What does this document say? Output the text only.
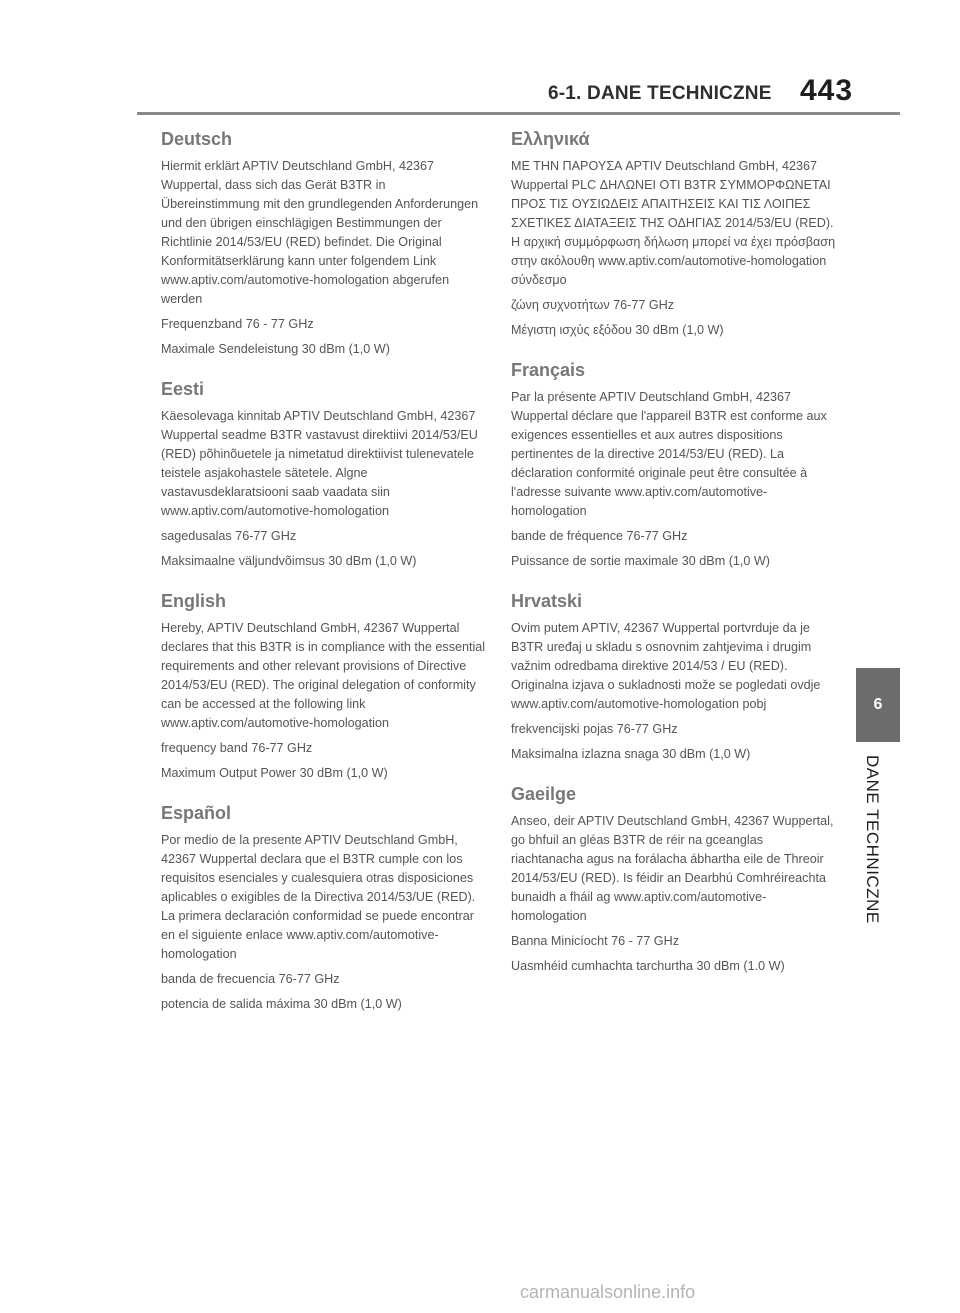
6-1. DANE TECHNICZNE 443
Deutsch

Hiermit erklärt APTIV Deutschland GmbH, 42367 Wuppertal, dass sich das Gerät B3TR in Übereinstimmung mit den grundlegenden Anforderungen und den übrigen einschlägigen Bestimmungen der Richtlinie 2014/53/EU (RED) befindet. Die Original Konformitätserklärung kann unter folgendem Link www.aptiv.com/automotive-homologation abgerufen werden

Frequenzband 76 - 77 GHz

Maximale Sendeleistung 30 dBm (1,0 W)

Eesti

Käesolevaga kinnitab APTIV Deutschland GmbH, 42367 Wuppertal seadme B3TR vastavust direktiivi 2014/53/EU (RED) põhinõuetele ja nimetatud direktiivist tulenevatele teistele asjakohastele sätetele. Algne vastavusdeklaratsiooni saab vaadata siin www.aptiv.com/automotive-homologation

sagedusalas 76-77 GHz

Maksimaalne väljundvõimsus 30 dBm (1,0 W)

English

Hereby, APTIV Deutschland GmbH, 42367 Wuppertal declares that this B3TR is in compliance with the essential requirements and other relevant provisions of Directive 2014/53/EU (RED). The original delegation of conformity can be accessed at the following link www.aptiv.com/automotive-homologation

frequency band 76-77 GHz

Maximum Output Power 30 dBm (1,0 W)

Español

Por medio de la presente APTIV Deutschland GmbH, 42367 Wuppertal declara que el B3TR cumple con los requisitos esenciales y cualesquiera otras disposiciones aplicables o exigibles de la Directiva 2014/53/UE (RED). La primera declaración conformidad se puede encontrar en el siguiente enlace www.aptiv.com/automotive-homologation

banda de frecuencia 76-77 GHz

potencia de salida máxima 30 dBm (1,0 W)

Ελληνικά

ΜΕ ΤΗΝ ΠΑΡΟΥΣΑ APTIV Deutschland GmbH, 42367 Wuppertal PLC ΔΗΛΩΝΕΙ ΟΤΙ B3TR ΣΥΜΜΟΡΦΩΝΕΤΑΙ ΠΡΟΣ ΤΙΣ ΟΥΣΙΩΔΕΙΣ ΑΠΑΙΤΗΣΕΙΣ ΚΑΙ ΤΙΣ ΛΟΙΠΕΣ ΣΧΕΤΙΚΕΣ ΔΙΑΤΑΞΕΙΣ ΤΗΣ ΟΔΗΓΙΑΣ 2014/53/EU (RED). Η αρχική συμμόρφωση δήλωση μπορεί να έχει πρόσβαση στην ακόλουθη www.aptiv.com/automotive-homologation σύνδεσμο

ζώνη συχνοτήτων 76-77 GHz

Μέγιστη ισχύς εξόδου 30 dBm (1,0 W)

Français

Par la présente APTIV Deutschland GmbH, 42367 Wuppertal déclare que l'appareil B3TR est conforme aux exigences essentielles et aux autres dispositions pertinentes de la directive 2014/53/EU (RED). La déclaration conformité originale peut être consultée à l'adresse suivante www.aptiv.com/automotive-homologation

bande de fréquence 76-77 GHz

Puissance de sortie maximale 30 dBm (1,0 W)

Hrvatski

Ovim putem APTIV, 42367 Wuppertal portvrduje da je B3TR uređaj u skladu s osnovnim zahtjevima i drugim važnim odredbama direktive 2014/53 / EU (RED). Originalna izjava o sukladnosti može se pogledati ovdje www.aptiv.com/automotive-homologation pobj

frekvencijski pojas 76-77 GHz

Maksimalna izlazna snaga 30 dBm (1,0 W)

Gaeilge

Anseo, deir APTIV Deutschland GmbH, 42367 Wuppertal, go bhfuil an gléas B3TR de réir na gceanglas riachtanacha agus na forálacha ábhartha eile de Threoir 2014/53/EU (RED). Is féidir an Dearbhú Comhréireachta bunaidh a fháil ag www.aptiv.com/automotive-homologation

Banna Minicíocht 76 - 77 GHz

Uasmhéid cumhachta tarchurtha 30 dBm (1.0 W)

6
DANE TECHNICZNE
carmanualsonline.info
